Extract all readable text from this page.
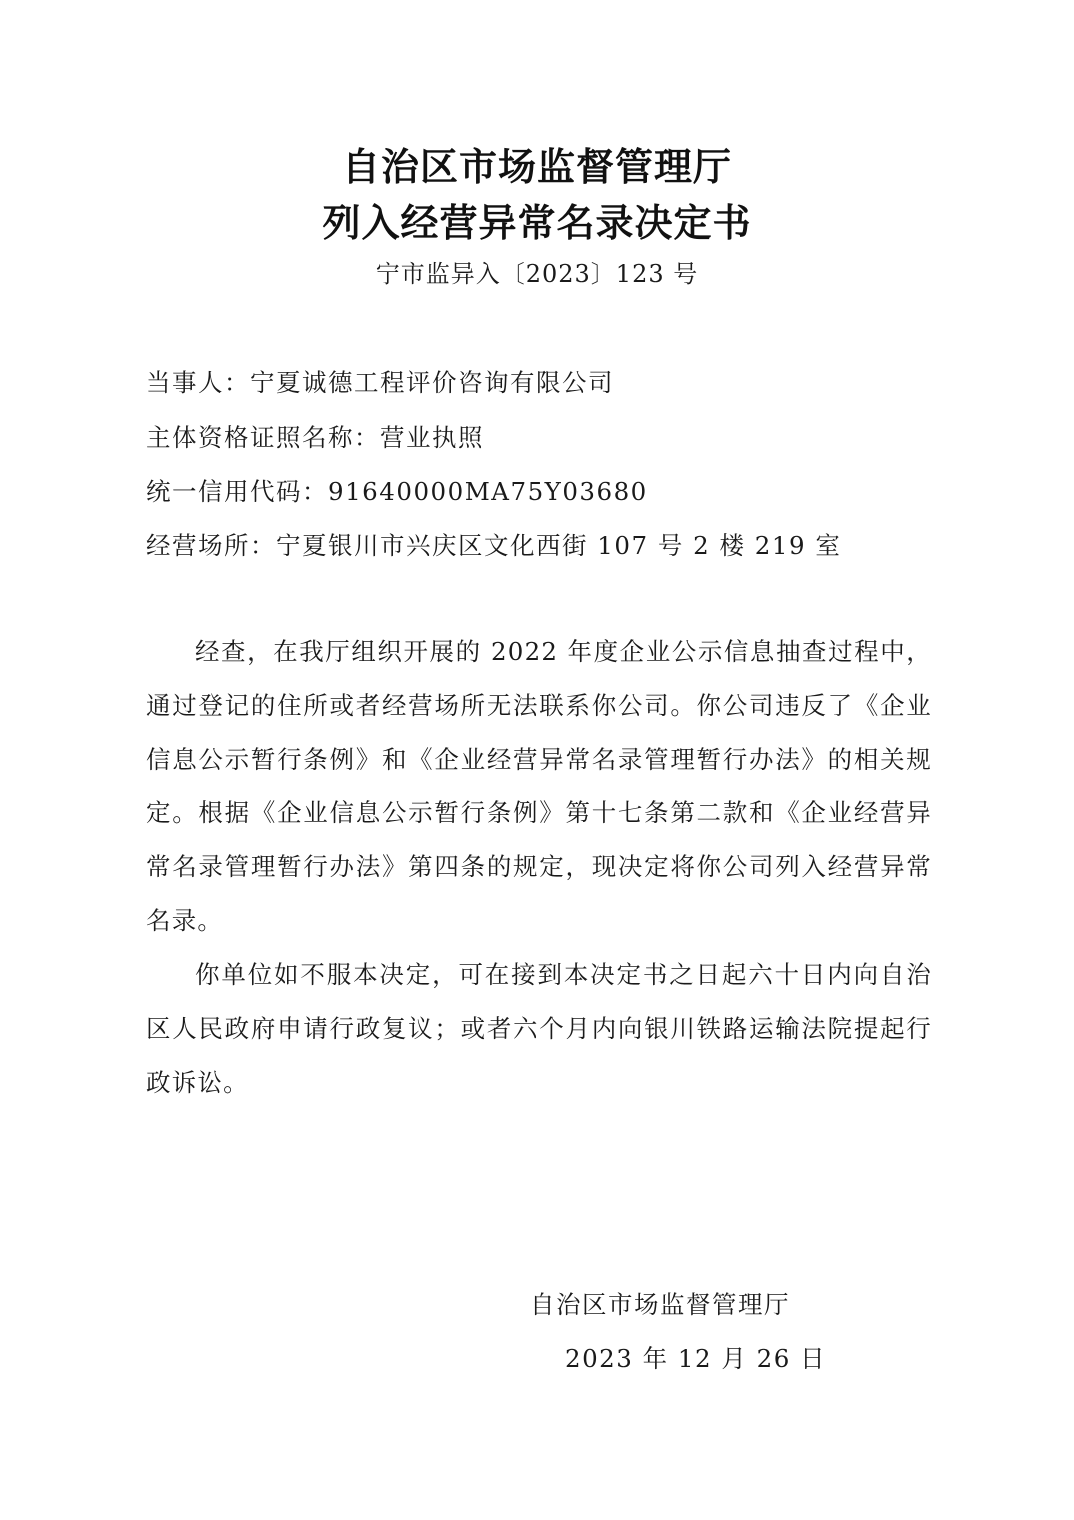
自治区市场监督管理厅
列入经营异常名录决定书
宁市监异入〔2023〕123 号
当事人：宁夏诚德工程评价咨询有限公司
主体资格证照名称：营业执照
统一信用代码：91640000MA75Y03680
经营场所：宁夏银川市兴庆区文化西街 107 号 2 楼 219 室
经查，在我厅组织开展的 2022 年度企业公示信息抽查过程中，通过登记的住所或者经营场所无法联系你公司。你公司违反了《企业信息公示暂行条例》和《企业经营异常名录管理暂行办法》的相关规定。根据《企业信息公示暂行条例》第十七条第二款和《企业经营异常名录管理暂行办法》第四条的规定，现决定将你公司列入经营异常名录。
你单位如不服本决定，可在接到本决定书之日起六十日内向自治区人民政府申请行政复议；或者六个月内向银川铁路运输法院提起行政诉讼。
自治区市场监督管理厅
2023 年 12 月 26 日
